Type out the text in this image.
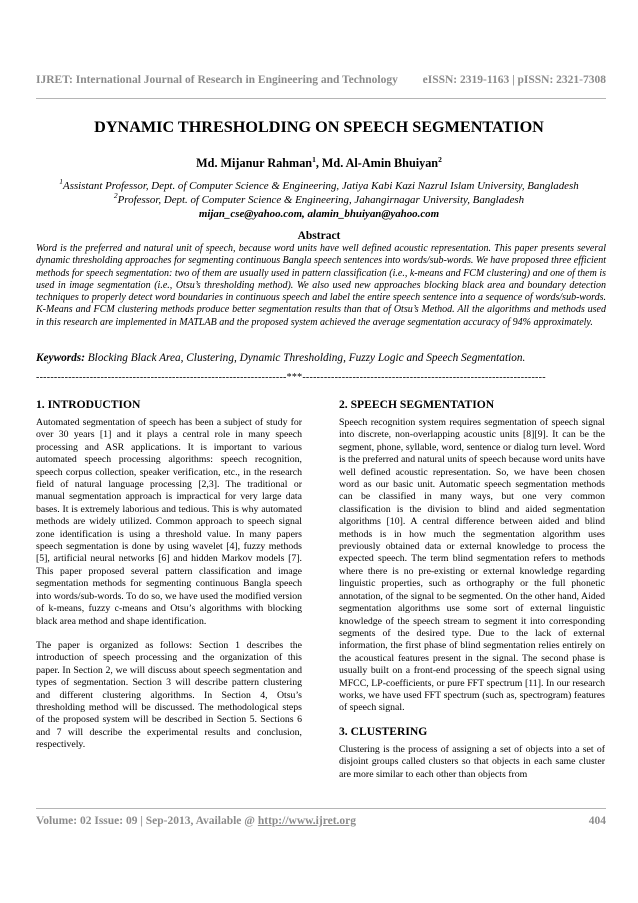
IJRET: International Journal of Research in Engineering and Technology eISSN: 2319-1163 | pISSN: 2321-7308
DYNAMIC THRESHOLDING ON SPEECH SEGMENTATION
Md. Mijanur Rahman$^1$, Md. Al-Amin Bhuiyan$^2$
$^1$Assistant Professor, Dept. of Computer Science & Engineering, Jatiya Kabi Kazi Nazrul Islam University, Bangladesh
$^2$Professor, Dept. of Computer Science & Engineering, Jahangirnagar University, Bangladesh
mijan_cse@yahoo.com, alamin_bhuiyan@yahoo.com
Abstract
Word is the preferred and natural unit of speech, because word units have well defined acoustic representation. This paper presents several dynamic thresholding approaches for segmenting continuous Bangla speech sentences into words/sub-words. We have proposed three efficient methods for speech segmentation: two of them are usually used in pattern classification (i.e., k-means and FCM clustering) and one of them is used in image segmentation (i.e., Otsu’s thresholding method). We also used new approaches blocking black area and boundary detection techniques to properly detect word boundaries in continuous speech and label the entire speech sentence into a sequence of words/sub-words. K-Means and FCM clustering methods produce better segmentation results than that of Otsu’s Method. All the algorithms and methods used in this research are implemented in MATLAB and the proposed system achieved the average segmentation accuracy of 94% approximately.
Keywords: Blocking Black Area, Clustering, Dynamic Thresholding, Fuzzy Logic and Speech Segmentation.
----------------------------------------------------------------------***--------------------------------------------------------------------
1. INTRODUCTION

Automated segmentation of speech has been a subject of study for over 30 years [1] and it plays a central role in many speech processing and ASR applications. It is important to various automated speech processing algorithms: speech recognition, speech corpus collection, speaker verification, etc., in the research field of natural language processing [2,3]. The traditional or manual segmentation approach is impractical for very large data bases. It is extremely laborious and tedious. This is why automated methods are widely utilized. Common approach to speech signal zone identification is using a threshold value. In many papers speech segmentation is done by using wavelet [4], fuzzy methods [5], artificial neural networks [6] and hidden Markov models [7]. This paper proposed several pattern classification and image segmentation methods for segmenting continuous Bangla speech into words/sub-words. To do so, we have used the modified version of k-means, fuzzy c-means and Otsu’s algorithms with blocking black area method and shape identification.

The paper is organized as follows: Section 1 describes the introduction of speech processing and the organization of this paper. In Section 2, we will discuss about speech segmentation and types of segmentation. Section 3 will describe pattern clustering and different clustering algorithms. In Section 4, Otsu’s thresholding method will be discussed. The methodological steps of the proposed system will be described in Section 5. Sections 6 and 7 will describe the experimental results and conclusion, respectively.

2. SPEECH SEGMENTATION

Speech recognition system requires segmentation of speech signal into discrete, non-overlapping acoustic units [8][9]. It can be the segment, phone, syllable, word, sentence or dialog turn level. Word is the preferred and natural units of speech because word units have well defined acoustic representation. So, we have been chosen word as our basic unit. Automatic speech segmentation methods can be classified in many ways, but one very common classification is the division to blind and aided segmentation algorithms [10]. A central difference between aided and blind methods is in how much the segmentation algorithm uses previously obtained data or external knowledge to process the expected speech. The term blind segmentation refers to methods where there is no pre-existing or external knowledge regarding linguistic properties, such as orthography or the full phonetic annotation, of the signal to be segmented. On the other hand, Aided segmentation algorithms use some sort of external linguistic knowledge of the speech stream to segment it into corresponding segments of the desired type. Due to the lack of external information, the first phase of blind segmentation relies entirely on the acoustical features present in the signal. The second phase is usually built on a front-end processing of the speech signal using MFCC, LP-coefficients, or pure FFT spectrum [11]. In our research works, we have used FFT spectrum (such as, spectrogram) features of speech signal.

3. CLUSTERING

Clustering is the process of assigning a set of objects into a set of disjoint groups called clusters so that objects in each same cluster are more similar to each other than objects from

Volume: 02 Issue: 09 | Sep-2013, Available @ http://www.ijret.org	404
